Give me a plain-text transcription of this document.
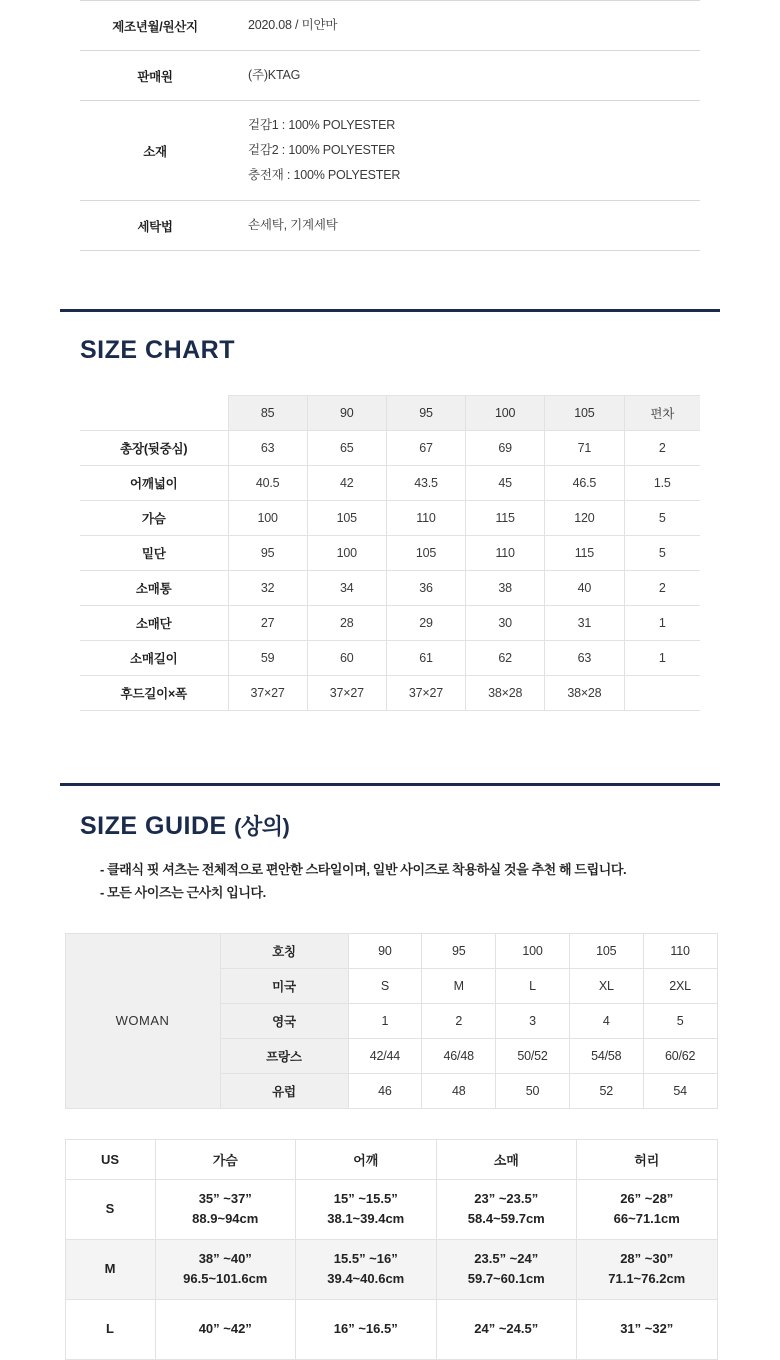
제조년월/원산지	2020.08 / 미얀마
판매원	(주)KTAG
소재	겉감1 : 100% POLYESTER
겉감2 : 100% POLYESTER
충전재 : 100% POLYESTER

세탁법	손세탁, 기계세탁
SIZE CHART
	85	90	95	100	105	편차
총장(뒷중심)	63	65	67	69	71	2
어깨넓이	40.5	42	43.5	45	46.5	1.5
가슴	100	105	110	115	120	5
밑단	95	100	105	110	115	5
소매통	32	34	36	38	40	2
소매단	27	28	29	30	31	1
소매길이	59	60	61	62	63	1
후드길이×폭	37×27	37×27	37×27	38×28	38×28	
SIZE GUIDE (상의)
- 클래식 핏 셔츠는 전체적으로 편안한 스타일이며, 일반 사이즈로 착용하실 것을 추천 해 드립니다.
- 모든 사이즈는 근사치 입니다.
WOMAN	호칭	90	95	100	105	110
	미국	S	M	L	XL	2XL
	영국	1	2	3	4	5
	프랑스	42/44	46/48	50/52	54/58	60/62
	유럽	46	48	50	52	54
US	가슴	어깨	소매	허리
S	35” ~37”
88.9~94cm	15” ~15.5”
38.1~39.4cm	23” ~23.5”
58.4~59.7cm	26” ~28”
66~71.1cm

M	38” ~40”
96.5~101.6cm	15.5” ~16”
39.4~40.6cm	23.5” ~24”
59.7~60.1cm	28” ~30”
71.1~76.2cm

L	40” ~42”	16” ~16.5”	24” ~24.5”	31” ~32”
